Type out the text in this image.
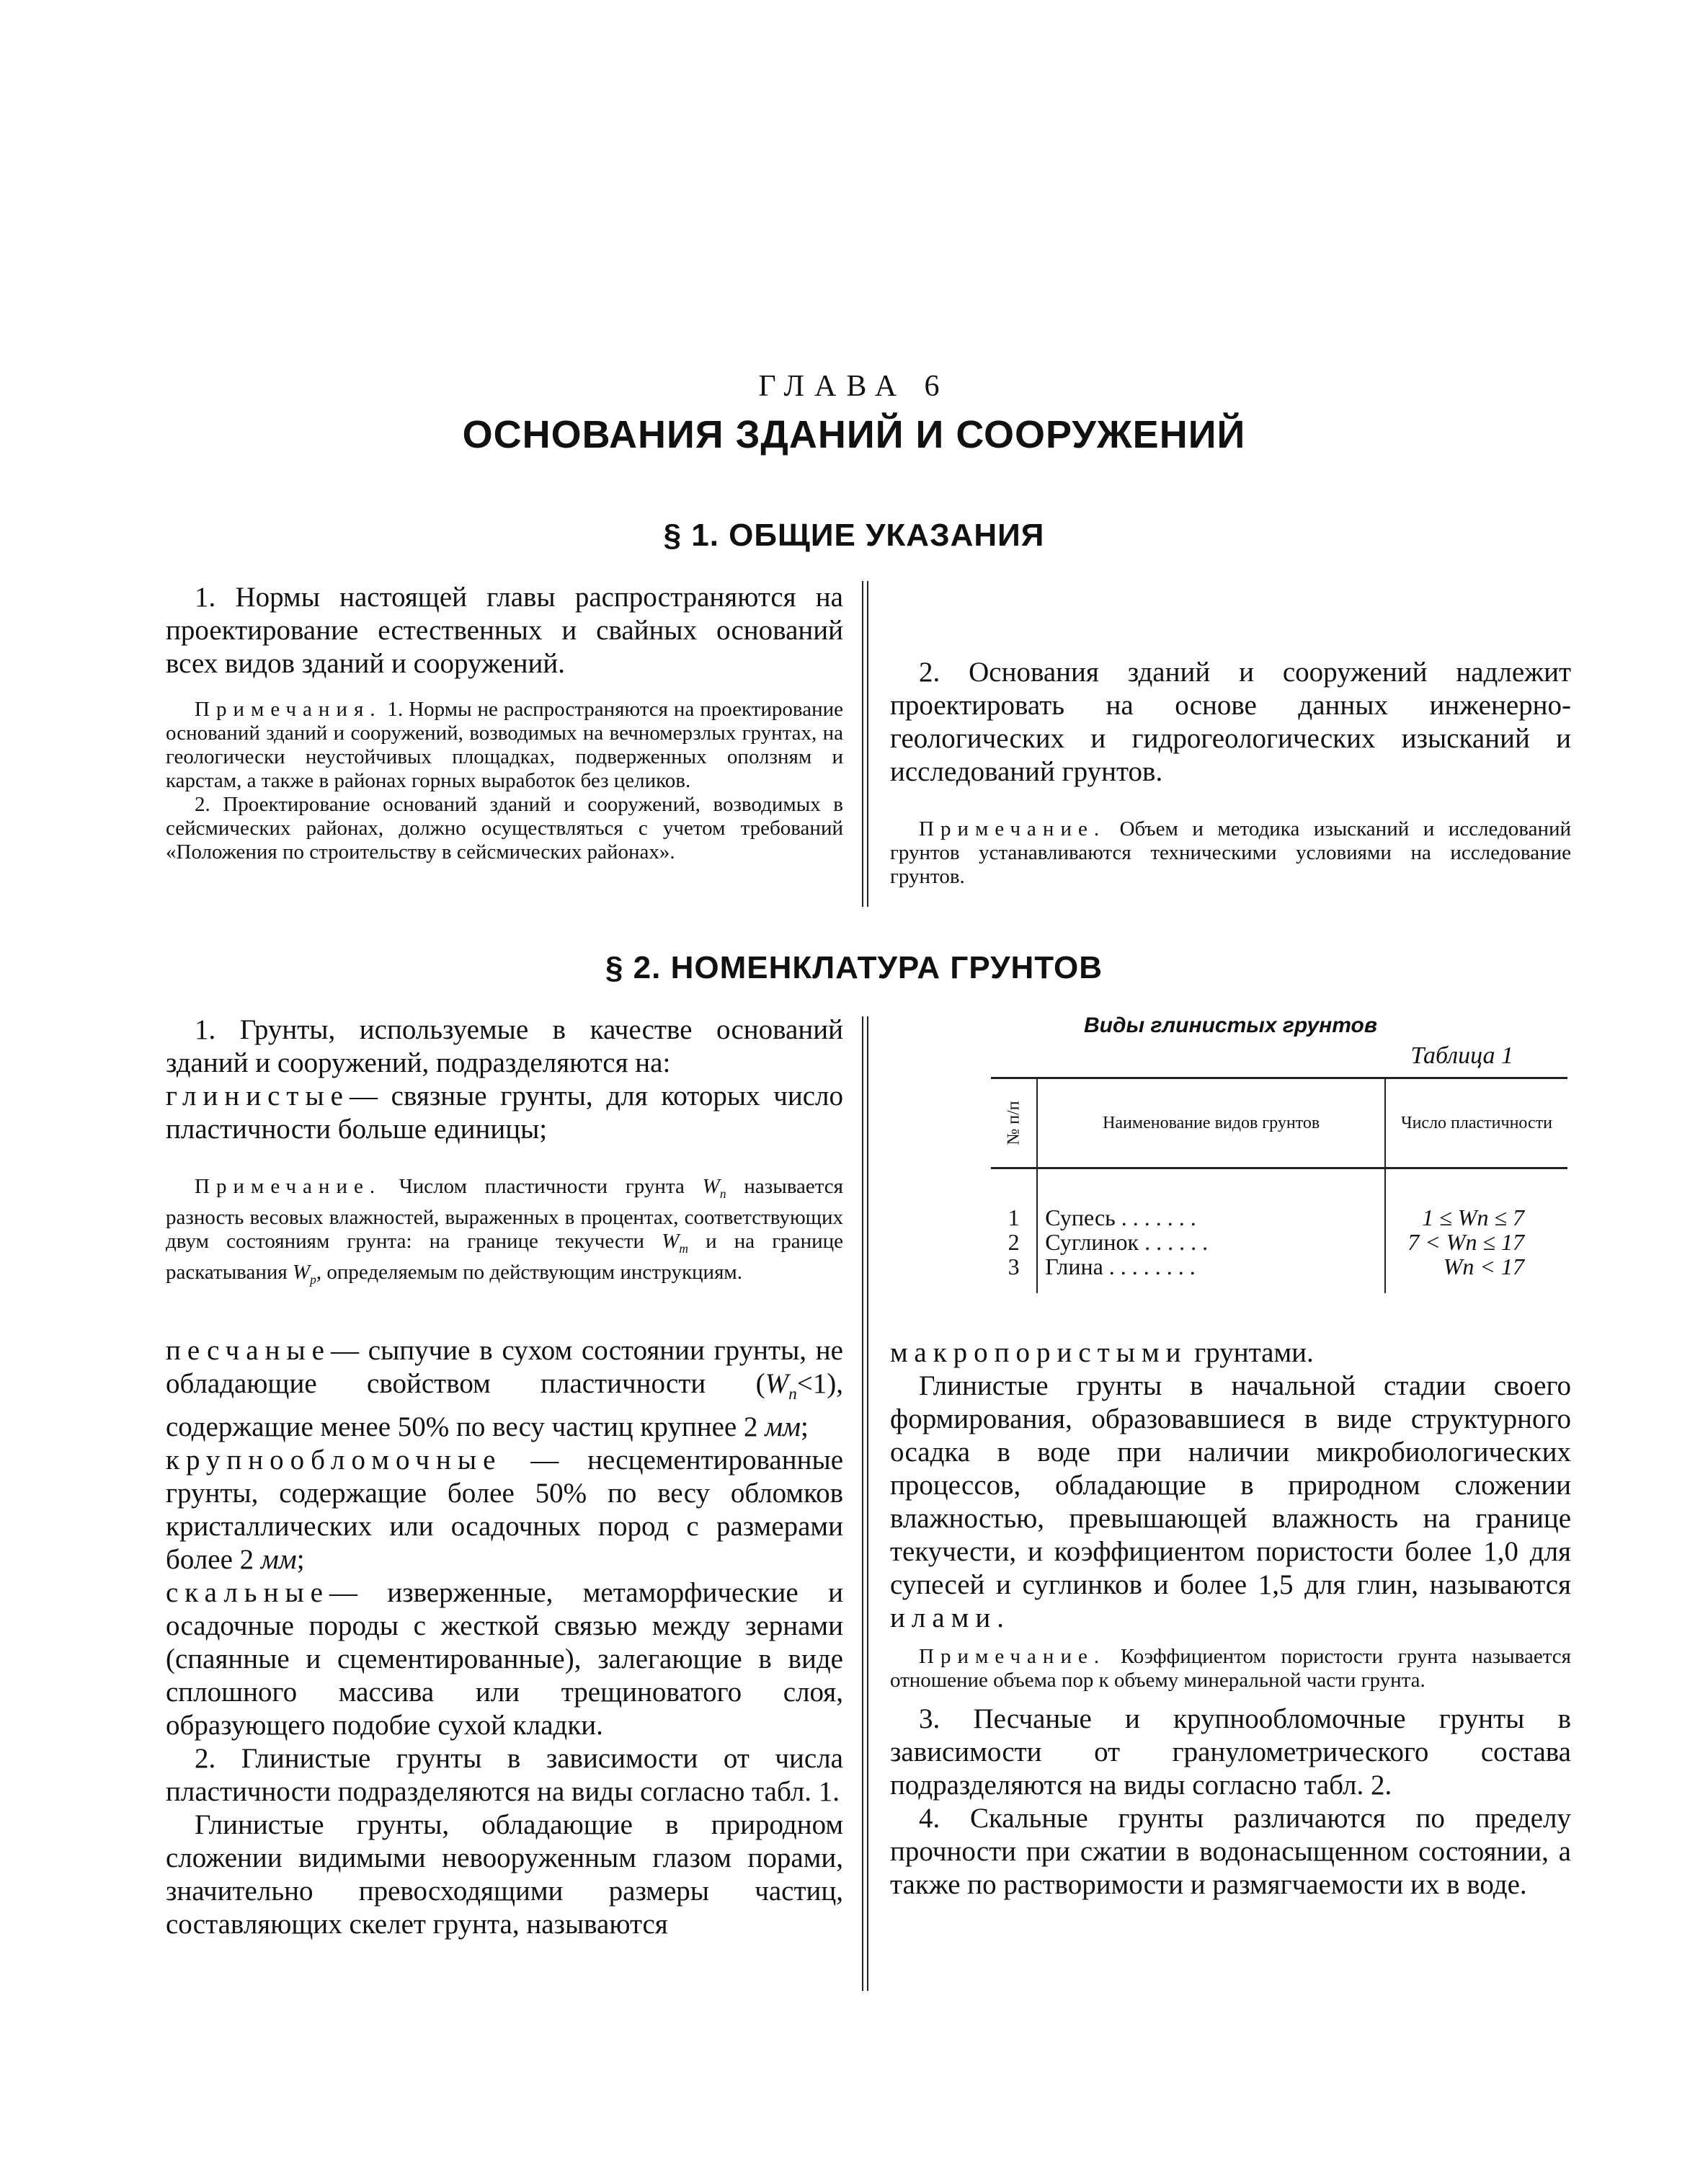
ГЛАВА 6
ОСНОВАНИЯ ЗДАНИЙ И СООРУЖЕНИЙ
§ 1. ОБЩИЕ УКАЗАНИЯ

1. Нормы настоящей главы распространяются на проектирование естественных и свайных оснований всех видов зданий и сооружений.

Примечания. 1. Нормы не распространяются на проектирование оснований зданий и сооружений, возводимых на вечномерзлых грунтах, на геологически неустойчивых площадках, подверженных оползням и карстам, а также в районах горных выработок без целиков.

2. Проектирование оснований зданий и сооружений, возводимых в сейсмических районах, должно осуществляться с учетом требований «Положения по строительству в сейсмических районах».

2. Основания зданий и сооружений надлежит проектировать на основе данных инженерно-геологических и гидрогеологических изысканий и исследований грунтов.

Примечание. Объем и методика изысканий и исследований грунтов устанавливаются техническими условиями на исследование грунтов.

§ 2. НОМЕНКЛАТУРА ГРУНТОВ

1. Грунты, используемые в качестве оснований зданий и сооружений, подразделяются на:

глинистые— связные грунты, для которых число пластичности больше единицы;

Примечание. Числом пластичности грунта $W_п$ называется разность весовых влажностей, выраженных в процентах, соответствующих двум состояниям грунта: на границе текучести $W_т$ и на границе раскатывания $W_р$, определяемым по действующим инструкциям.

песчаные— сыпучие в сухом состоянии грунты, не обладающие свойством пластичности $(W_п<1)$, содержащие менее 50% по весу частиц крупнее 2 мм;

крупнообломочные — несцементированные грунты, содержащие более 50% по весу обломков кристаллических или осадочных пород с размерами более 2 мм;

скальные— изверженные, метаморфические и осадочные породы с жесткой связью между зернами (спаянные и сцементированные), залегающие в виде сплошного массива или трещиноватого слоя, образующего подобие сухой кладки.

2. Глинистые грунты в зависимости от числа пластичности подразделяются на виды согласно табл. 1.

Глинистые грунты, обладающие в природном сложении видимыми невооруженным глазом порами, значительно превосходящими размеры частиц, составляющих скелет грунта, называются

Виды глинистых грунтов
Таблица 1
№ п/п	Наименование видов грунтов	Число пластичности
1	Супесь . . . . . . .	1 ≤ Wп ≤ 7
2	Суглинок . . . . . .	7 < Wп ≤ 17
3	Глина . . . . . . . .	Wп < 17

макропористыми грунтами.

Глинистые грунты в начальной стадии своего формирования, образовавшиеся в виде структурного осадка в воде при наличии микробиологических процессов, обладающие в природном сложении влажностью, превышающей влажность на границе текучести, и коэффициентом пористости более 1,0 для супесей и суглинков и более 1,5 для глин, называются илами.

Примечание. Коэффициентом пористости грунта называется отношение объема пор к объему минеральной части грунта.

3. Песчаные и крупнообломочные грунты в зависимости от гранулометрического состава подразделяются на виды согласно табл. 2.

4. Скальные грунты различаются по пределу прочности при сжатии в водонасыщенном состоянии, а также по растворимости и размягчаемости их в воде.
